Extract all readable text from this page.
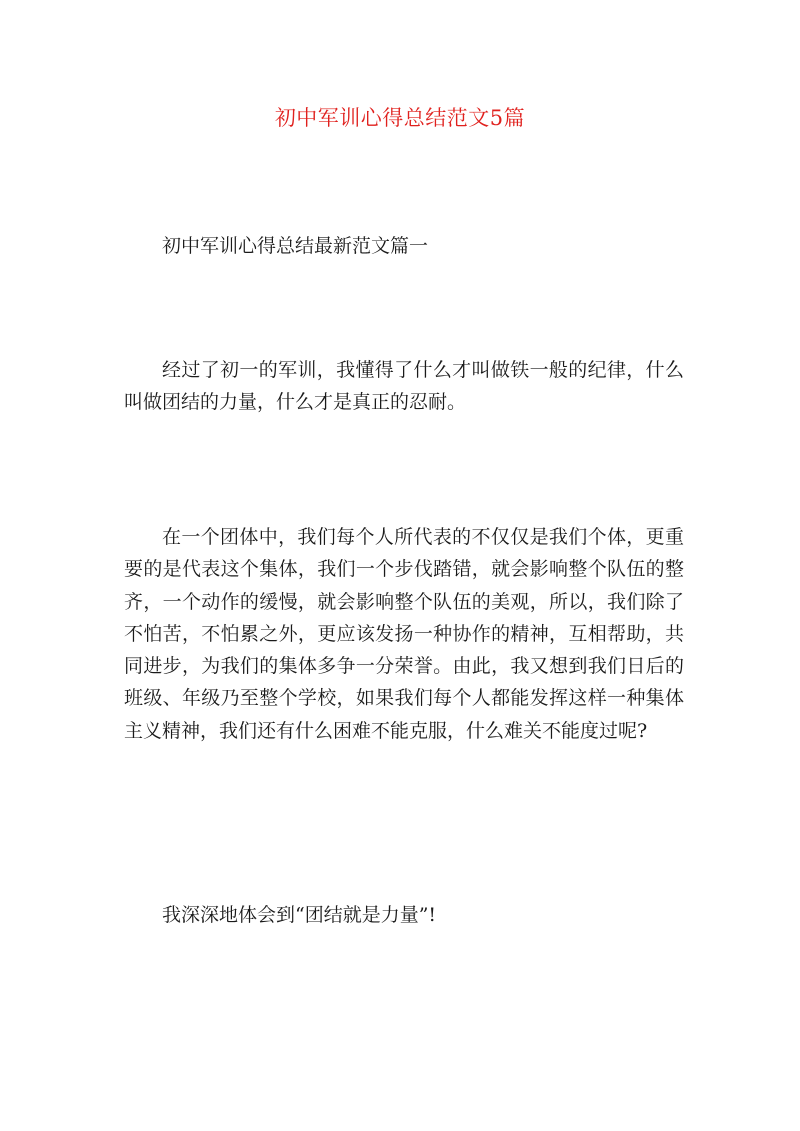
初中军训心得总结范文5篇

初中军训心得总结最新范文篇一

经过了初一的军训，我懂得了什么才叫做铁一般的纪律，什么叫做团结的力量，什么才是真正的忍耐。

在一个团体中，我们每个人所代表的不仅仅是我们个体，更重要的是代表这个集体，我们一个步伐踏错，就会影响整个队伍的整齐，一个动作的缓慢，就会影响整个队伍的美观，所以，我们除了不怕苦，不怕累之外，更应该发扬一种协作的精神，互相帮助，共同进步，为我们的集体多争一分荣誉。由此，我又想到我们日后的班级、年级乃至整个学校，如果我们每个人都能发挥这样一种集体主义精神，我们还有什么困难不能克服，什么难关不能度过呢?

我深深地体会到“团结就是力量”!
